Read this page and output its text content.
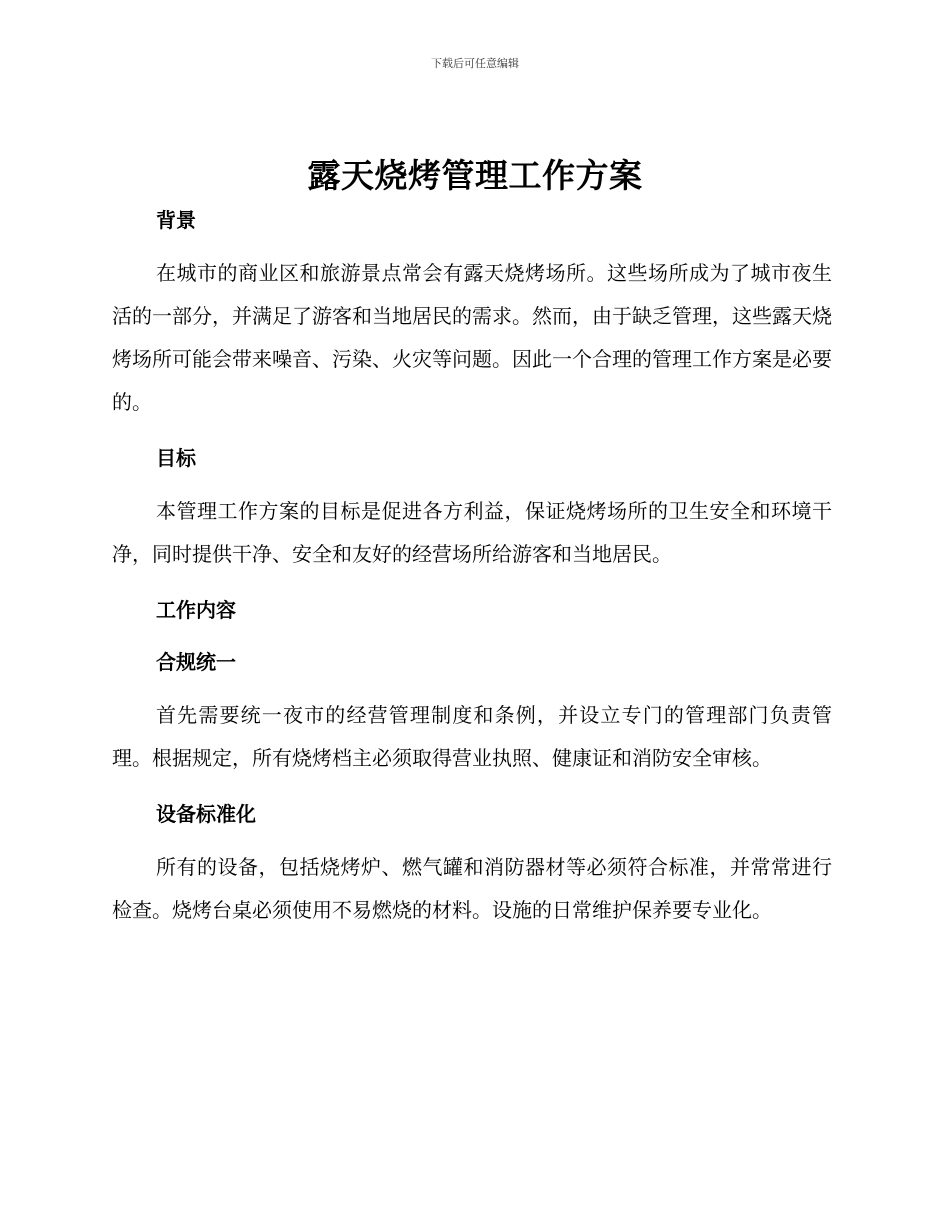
下载后可任意编辑
露天烧烤管理工作方案
背景

在城市的商业区和旅游景点常会有露天烧烤场所。这些场所成为了城市夜生活的一部分，并满足了游客和当地居民的需求。然而，由于缺乏管理，这些露天烧烤场所可能会带来噪音、污染、火灾等问题。因此一个合理的管理工作方案是必要的。

目标

本管理工作方案的目标是促进各方利益，保证烧烤场所的卫生安全和环境干净，同时提供干净、安全和友好的经营场所给游客和当地居民。

工作内容
合规统一

首先需要统一夜市的经营管理制度和条例，并设立专门的管理部门负责管理。根据规定，所有烧烤档主必须取得营业执照、健康证和消防安全审核。

设备标准化

所有的设备，包括烧烤炉、燃气罐和消防器材等必须符合标准，并常常进行检查。烧烤台桌必须使用不易燃烧的材料。设施的日常维护保养要专业化。
